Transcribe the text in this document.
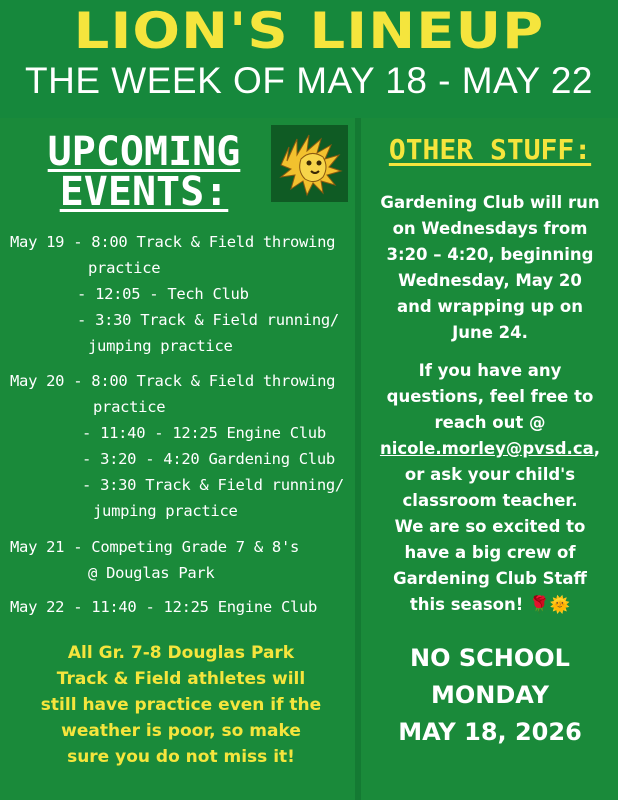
LION'S LINEUP
THE WEEK OF MAY 18 - MAY 22
UPCOMING
EVENTS:
May 19 - 8:00 Track & Field throwing
practice
- 12:05 - Tech Club
- 3:30 Track & Field running/
jumping practice
May 20 - 8:00 Track & Field throwing
practice
- 11:40 - 12:25 Engine Club
- 3:20 - 4:20 Gardening Club
- 3:30 Track & Field running/
jumping practice
May 21 - Competing Grade 7 & 8's
@ Douglas Park
May 22 - 11:40 - 12:25 Engine Club
All Gr. 7-8 Douglas Park
Track & Field athletes will
still have practice even if the
weather is poor, so make
sure you do not miss it!
OTHER STUFF:
Gardening Club will run
on Wednesdays from
3:20 – 4:20, beginning
Wednesday, May 20
and wrapping up on
June 24.
If you have any
questions, feel free to
reach out @
nicole.morley@pvsd.ca,
or ask your child's
classroom teacher.
We are so excited to
have a big crew of
Gardening Club Staff
this season! 🌹🌞
NO SCHOOL
MONDAY
MAY 18, 2026
